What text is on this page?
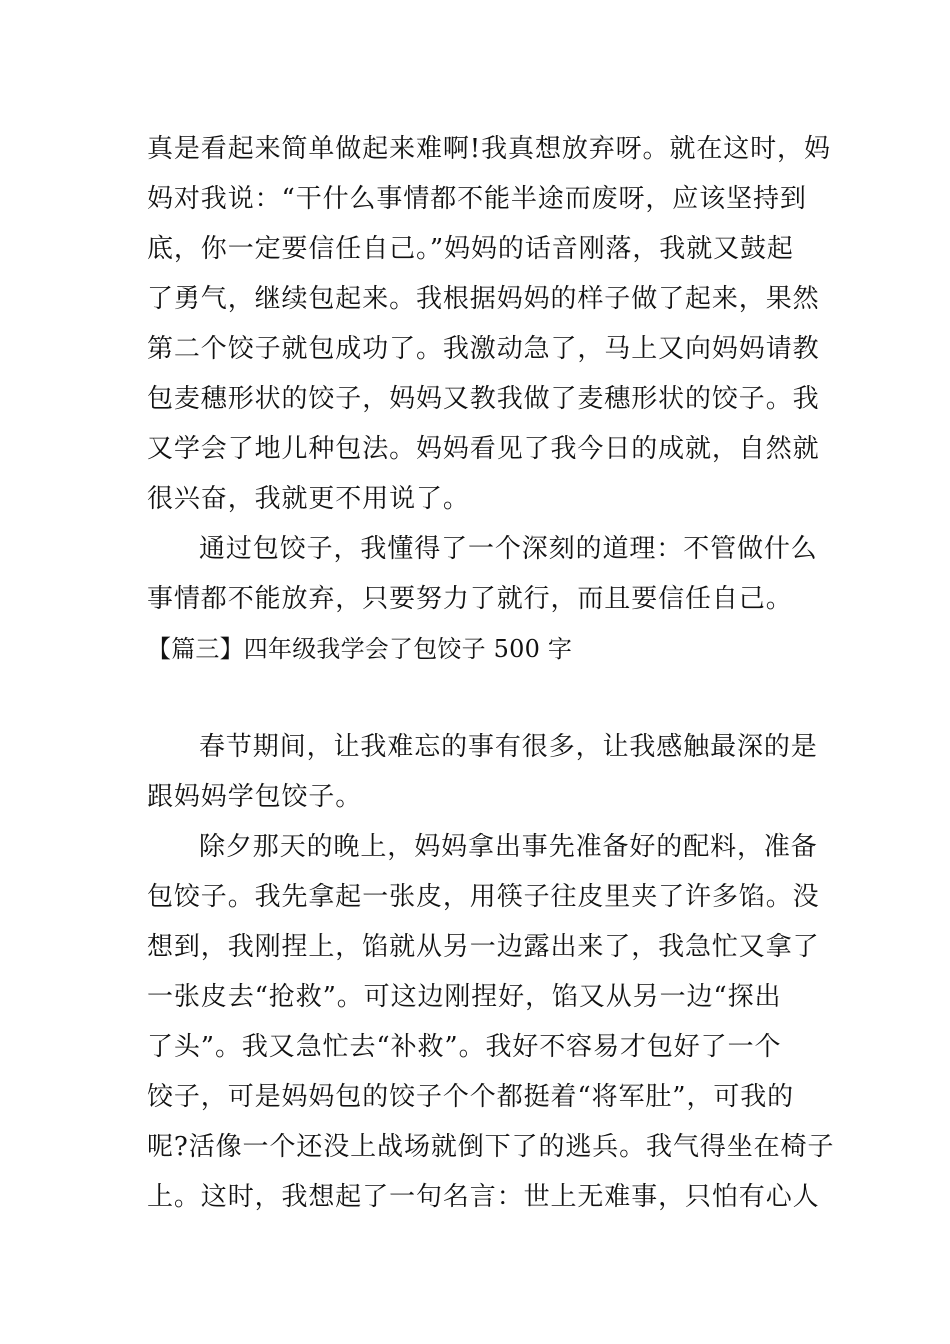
真是看起来简单做起来难啊!我真想放弃呀。就在这时，妈
妈对我说：“干什么事情都不能半途而废呀，应该坚持到
底，你一定要信任自己。”妈妈的话音刚落，我就又鼓起
了勇气，继续包起来。我根据妈妈的样子做了起来，果然
第二个饺子就包成功了。我激动急了，马上又向妈妈请教
包麦穗形状的饺子，妈妈又教我做了麦穗形状的饺子。我
又学会了地儿种包法。妈妈看见了我今日的成就，自然就
很兴奋，我就更不用说了。
通过包饺子，我懂得了一个深刻的道理：不管做什么
事情都不能放弃，只要努力了就行，而且要信任自己。
【篇三】四年级我学会了包饺子 500 字
春节期间，让我难忘的事有很多，让我感触最深的是
跟妈妈学包饺子。
除夕那天的晚上，妈妈拿出事先准备好的配料，准备
包饺子。我先拿起一张皮，用筷子往皮里夹了许多馅。没
想到，我刚捏上，馅就从另一边露出来了，我急忙又拿了
一张皮去“抢救”。可这边刚捏好，馅又从另一边“探出
了头”。我又急忙去“补救”。我好不容易才包好了一个
饺子，可是妈妈包的饺子个个都挺着“将军肚”，可我的
呢?活像一个还没上战场就倒下了的逃兵。我气得坐在椅子
上。这时，我想起了一句名言：世上无难事，只怕有心人
